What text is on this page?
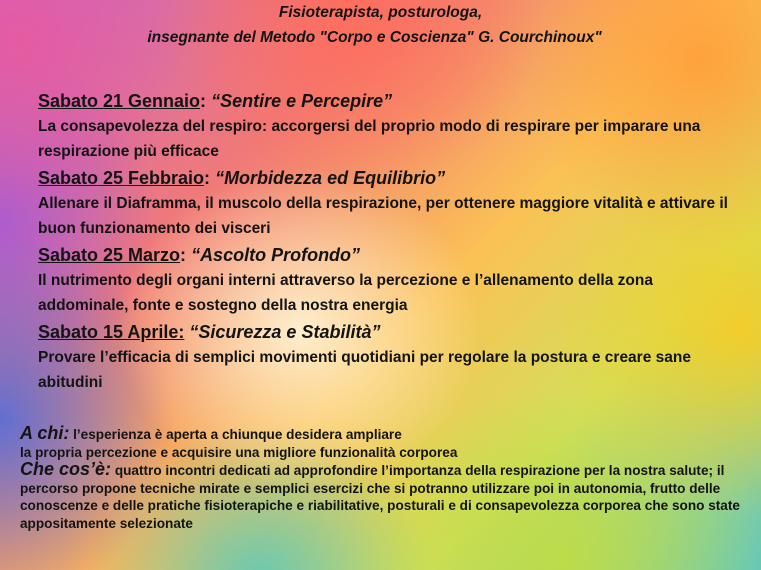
Fisioterapista, posturologa,
insegnante del Metodo "Corpo e Coscienza" G. Courchinoux"
Sabato 21 Gennaio: “Sentire e Percepire”
La consapevolezza del respiro: accorgersi del proprio modo di respirare per imparare una respirazione più efficace
Sabato 25 Febbraio: “Morbidezza ed Equilibrio”
Allenare il Diaframma, il muscolo della respirazione, per ottenere maggiore vitalità e attivare il buon funzionamento dei visceri
Sabato 25 Marzo: “Ascolto Profondo”
Il nutrimento degli organi interni attraverso la percezione e l’allenamento della zona addominale, fonte e sostegno della nostra energia
Sabato 15 Aprile: “Sicurezza e Stabilità”
Provare l’efficacia di semplici movimenti quotidiani per regolare la postura e creare sane abitudini

A chi: l’esperienza è aperta a chiunque desidera ampliare
la propria percezione e acquisire una migliore funzionalità corporea

Che cos’è: quattro incontri dedicati ad approfondire l’importanza della respirazione per la nostra salute; il percorso propone tecniche mirate e semplici esercizi che si potranno utilizzare poi in autonomia, frutto delle conoscenze e delle pratiche fisioterapiche e riabilitative, posturali e di consapevolezza corporea che sono state appositamente selezionate
